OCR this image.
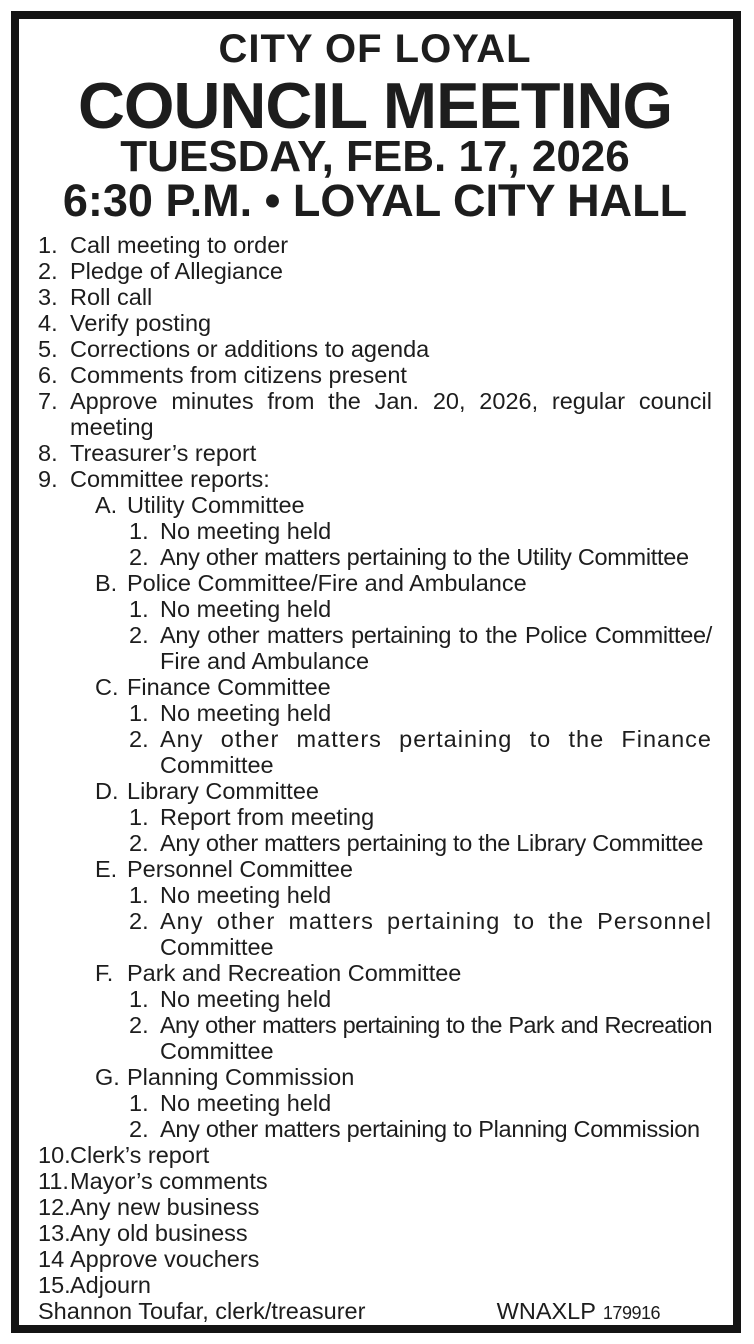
CITY OF LOYAL
COUNCIL MEETING
TUESDAY, FEB. 17, 2026
6:30 P.M. • LOYAL CITY HALL
1. Call meeting to order
2. Pledge of Allegiance
3. Roll call
4. Verify posting
5. Corrections or additions to agenda
6. Comments from citizens present
7. Approve minutes from the Jan. 20, 2026, regular council
meeting
8. Treasurer’s report
9. Committee reports:
A. Utility Committee
1. No meeting held
2. Any other matters pertaining to the Utility Committee
B. Police Committee/Fire and Ambulance
1. No meeting held
2. Any other matters pertaining to the Police Committee/
Fire and Ambulance
C. Finance Committee
1. No meeting held
2. Any other matters pertaining to the Finance
Committee
D. Library Committee
1. Report from meeting
2. Any other matters pertaining to the Library Committee
E. Personnel Committee
1. No meeting held
2. Any other matters pertaining to the Personnel
Committee
F. Park and Recreation Committee
1. No meeting held
2. Any other matters pertaining to the Park and Recreation
Committee
G. Planning Commission
1. No meeting held
2. Any other matters pertaining to Planning Commission
10. Clerk’s report
11. Mayor’s comments
12. Any new business
13. Any old business
14 Approve vouchers
15. Adjourn
Shannon Toufar, clerk/treasurer	WNAXLP 179916
